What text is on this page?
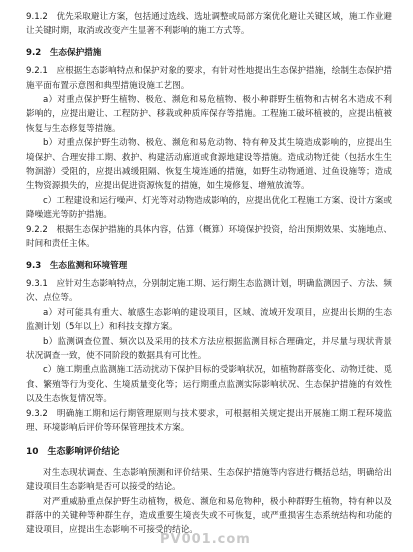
9.1.2　优先采取避让方案，包括通过选线、选址调整或局部方案优化避让关键区域，施工作业避让关键时期，取消或改变产生显著不利影响的施工方式等。

9.2　生态保护措施

9.2.1　应根据生态影响特点和保护对象的要求，有针对性地提出生态保护措施，绘制生态保护措施平面布置示意图和典型措施设施工艺图。

a）对重点保护野生植物、极危、濒危和易危植物、极小种群野生植物和古树名木造成不利影响的，应提出避让、工程防护、移栽或种质库保存等措施。工程施工破坏植被的，应提出植被恢复与生态修复等措施。

b）对重点保护野生动物、极危、濒危和易危动物、特有种及其生境造成影响的，应提出生境保护、合理安排工期、救护、构建活动廊道或食源地建设等措施。造成动物迁徙（包括水生生物洄游）受阻的，应提出减缓阻隔、恢复生境连通的措施，如野生动物通道、过鱼设施等；造成生物资源损失的，应提出促进资源恢复的措施，如生境修复、增殖放流等。

c）工程建设和运行噪声、灯光等对动物造成影响的，应提出优化工程施工方案、设计方案或降噪遮光等防护措施。

9.2.2　根据生态保护措施的具体内容，估算（概算）环境保护投资，给出预期效果、实施地点、时间和责任主体。

9.3　生态监测和环境管理

9.3.1　应针对生态影响特点，分别制定施工期、运行期生态监测计划，明确监测因子、方法、频次、点位等。

a）对可能具有重大、敏感生态影响的建设项目，区域、流域开发项目，应提出长期的生态监测计划（5年以上）和科技支撑方案。

b）监测调查位置、频次以及采用的技术方法应根据监测目标合理确定，并尽量与现状背景状况调查一致，使不同阶段的数据具有可比性。

c）施工期重点监测施工活动扰动下保护目标的受影响状况，如植物群落变化、动物迁徙、觅食、繁殖等行为变化、生境质量变化等；运行期重点监测实际影响状况、生态保护措施的有效性以及生态恢复情况等。

9.3.2　明确施工期和运行期管理原则与技术要求，可根据相关规定提出开展施工期工程环境监理、环境影响后评价等环保管理技术方案。

10　生态影响评价结论

对生态现状调查、生态影响预测和评价结果、生态保护措施等内容进行概括总结，明确给出建设项目生态影响是否可以接受的结论。

对严重威胁重点保护野生动植物，极危、濒危和易危物种，极小种群野生植物，特有种以及群落中的关键种等种群生存，造成重要生境丧失或不可恢复，或严重损害生态系统结构和功能的建设项目，应提出生态影响不可接受的结论。

PV001.com
